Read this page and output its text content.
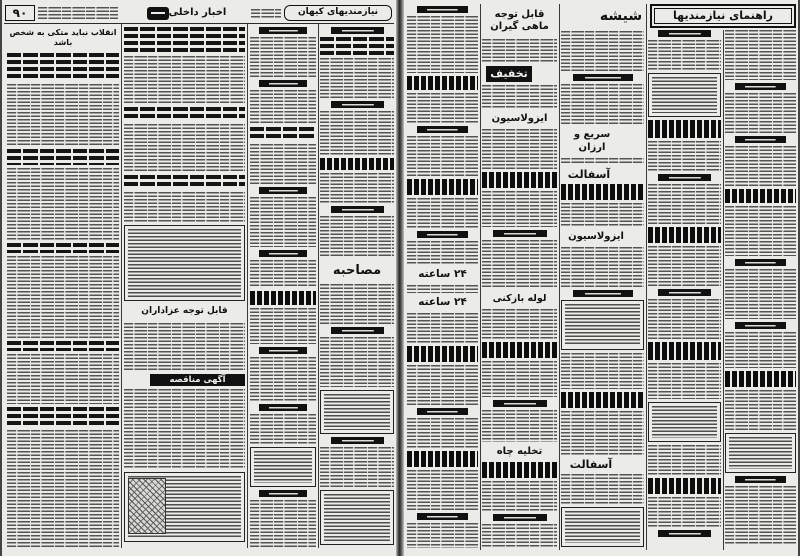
۹۰	اخبار داخلی	نیازمندیهای کیهان
انقلاب نباید متکی به شخص باشد
قابل توجه عزاداران
آگهی مناقصه
مصاحبه
راهنمای نیازمندیها
قابل توجه ماهی گیران
تخفیف
شیشه
ایزولاسیون
سریع و ارزان
آسفالت
ایزولاسیون
لوله بازکنی
۲۴ ساعته
۲۴ ساعته
تخلیه چاه
آسفالت
